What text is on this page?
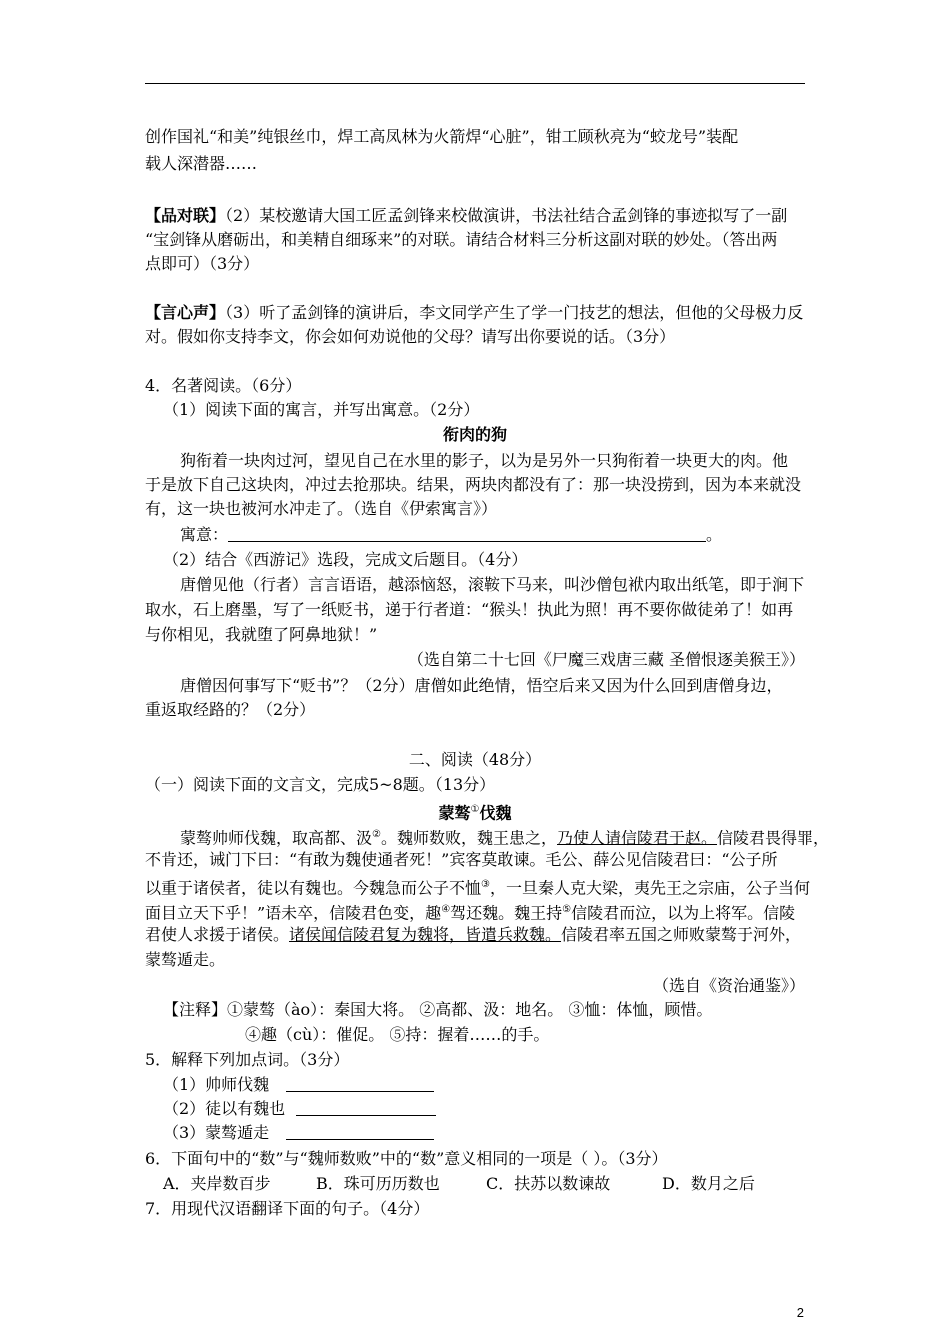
创作国礼“和美”纯银丝巾，焊工高凤林为火箭焊“心脏”，钳工顾秋亮为“蛟龙号”装配
载人深潜器……
【品对联】（2）某校邀请大国工匠孟剑锋来校做演讲，书法社结合孟剑锋的事迹拟写了一副
“宝剑锋从磨砺出，和美精自细琢来”的对联。请结合材料三分析这副对联的妙处。（答出两
点即可）（3分）
【言心声】（3）听了孟剑锋的演讲后，李文同学产生了学一门技艺的想法，但他的父母极力反
对。假如你支持李文，你会如何劝说他的父母？请写出你要说的话。（3分）
4．名著阅读。（6分）
（1）阅读下面的寓言，并写出寓意。（2分）
衔肉的狗
狗衔着一块肉过河，望见自己在水里的影子，以为是另外一只狗衔着一块更大的肉。他
于是放下自己这块肉，冲过去抢那块。结果，两块肉都没有了：那一块没捞到，因为本来就没
有，这一块也被河水冲走了。（选自《伊索寓言》）
寓意：	。
（2）结合《西游记》选段，完成文后题目。（4分）
唐僧见他（行者）言言语语，越添恼怒，滚鞍下马来，叫沙僧包袱内取出纸笔，即于涧下
取水，石上磨墨，写了一纸贬书，递于行者道：“猴头！执此为照！再不要你做徒弟了！如再
与你相见，我就堕了阿鼻地狱！”
（选自第二十七回《尸魔三戏唐三藏 圣僧恨逐美猴王》）
唐僧因何事写下“贬书”？（2分）唐僧如此绝情，悟空后来又因为什么回到唐僧身边，
重返取经路的？（2分）
二、阅读（48分）
（一）阅读下面的文言文，完成5~8题。（13分）
蒙骜①伐魏
蒙骜帅师伐魏，取高都、汲②。魏师数败，魏王患之，乃使人请信陵君于赵。信陵君畏得罪，
不肯还，诫门下曰：“有敢为魏使通者死！”宾客莫敢谏。毛公、薛公见信陵君曰：“公子所
以重于诸侯者，徒以有魏也。今魏急而公子不恤③，一旦秦人克大梁，夷先王之宗庙，公子当何
面目立天下乎！”语未卒，信陵君色变，趣④驾还魏。魏王持⑤信陵君而泣，以为上将军。信陵
君使人求援于诸侯。诸侯闻信陵君复为魏将，皆遣兵救魏。信陵君率五国之师败蒙骜于河外，
蒙骜遁走。
（选自《资治通鉴》）
【注释】①蒙骜（ào）：秦国大将。 ②高都、汲：地名。 ③恤：体恤，顾惜。
④趣（cù）：催促。 ⑤持：握着……的手。
5．解释下列加点词。（3分）
（1）帅师伐魏
（2）徒以有魏也
（3）蒙骜遁走
6．下面句中的“数”与“魏师数败”中的“数”意义相同的一项是（ ）。（3分）
A．夹岸数百步	B．珠可历历数也	C．扶苏以数谏故	D．数月之后
7．用现代汉语翻译下面的句子。（4分）
2
